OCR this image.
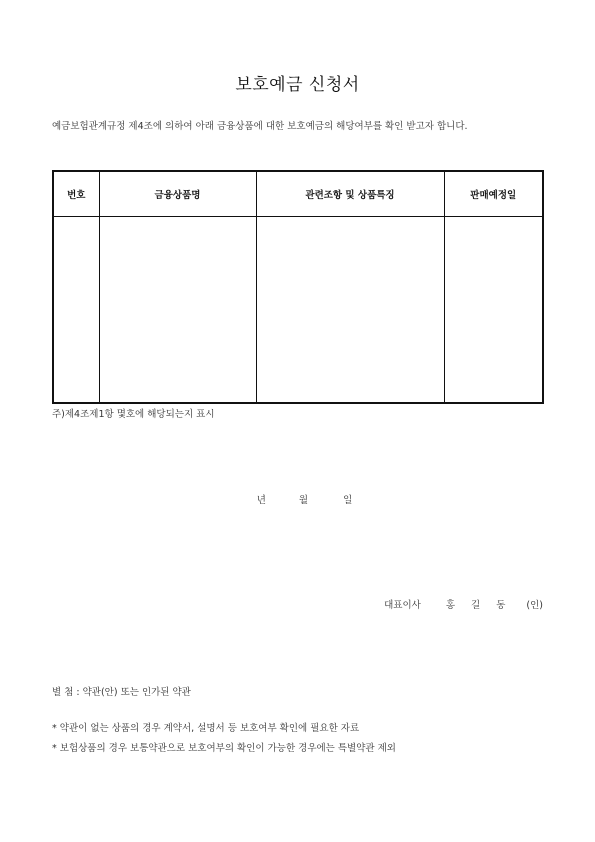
보호예금 신청서
예금보험관계규정 제4조에 의하여 아래 금융상품에 대한 보호예금의 해당여부를 확인 받고자 합니다.
번호	금융상품명	관련조항 및 상품특징	판매예정일

주)제4조제1항 몇호에 해당되는지 표시
년	월	일
대표이사	홍길동 (인)
별 첨 : 약관(안) 또는 인가된 약관
* 약관이 없는 상품의 경우 계약서, 설명서 등 보호여부 확인에 필요한 자료
* 보험상품의 경우 보통약관으로 보호여부의 확인이 가능한 경우에는 특별약관 제외
